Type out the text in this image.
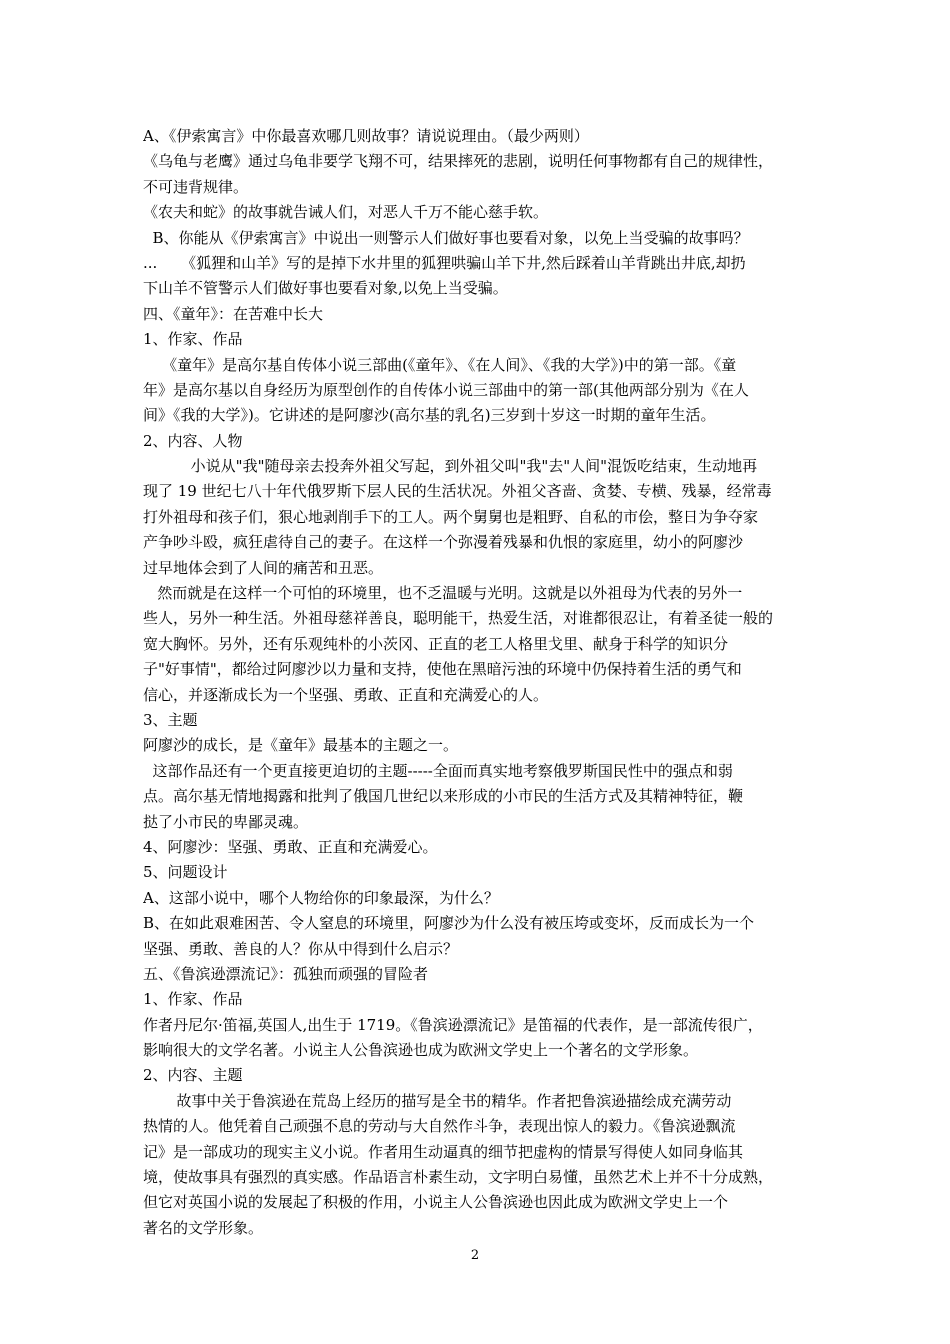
A、《伊索寓言》中你最喜欢哪几则故事？请说说理由。（最少两则）
《乌龟与老鹰》通过乌龟非要学飞翔不可，结果摔死的悲剧，说明任何事物都有自己的规律性，
不可违背规律。
《农夫和蛇》的故事就告诫人们，对恶人千万不能心慈手软。
B、你能从《伊索寓言》中说出一则警示人们做好事也要看对象，以免上当受骗的故事吗？
...     《狐狸和山羊》写的是掉下水井里的狐狸哄骗山羊下井,然后踩着山羊背跳出井底,却扔
下山羊不管警示人们做好事也要看对象,以免上当受骗。
四、《童年》：在苦难中长大
1、作家、作品
《童年》是高尔基自传体小说三部曲(《童年》、《在人间》、《我的大学》)中的第一部。《童
年》是高尔基以自身经历为原型创作的自传体小说三部曲中的第一部(其他两部分别为《在人
间》《我的大学》)。它讲述的是阿廖沙(高尔基的乳名)三岁到十岁这一时期的童年生活。
2、内容、人物
小说从"我"随母亲去投奔外祖父写起，到外祖父叫"我"去"人间"混饭吃结束，生动地再
现了 19 世纪七八十年代俄罗斯下层人民的生活状况。外祖父吝啬、贪婪、专横、残暴，经常毒
打外祖母和孩子们，狠心地剥削手下的工人。两个舅舅也是粗野、自私的市侩，整日为争夺家
产争吵斗殴，疯狂虐待自己的妻子。在这样一个弥漫着残暴和仇恨的家庭里，幼小的阿廖沙
过早地体会到了人间的痛苦和丑恶。
然而就是在这样一个可怕的环境里，也不乏温暖与光明。这就是以外祖母为代表的另外一
些人，另外一种生活。外祖母慈祥善良，聪明能干，热爱生活，对谁都很忍让，有着圣徒一般的
宽大胸怀。另外，还有乐观纯朴的小茨冈、正直的老工人格里戈里、献身于科学的知识分
子"好事情"，都给过阿廖沙以力量和支持，使他在黑暗污浊的环境中仍保持着生活的勇气和
信心，并逐渐成长为一个坚强、勇敢、正直和充满爱心的人。
3、主题
阿廖沙的成长，是《童年》最基本的主题之一。
这部作品还有一个更直接更迫切的主题-----全面而真实地考察俄罗斯国民性中的强点和弱
点。高尔基无情地揭露和批判了俄国几世纪以来形成的小市民的生活方式及其精神特征，鞭
挞了小市民的卑鄙灵魂。
4、阿廖沙：坚强、勇敢、正直和充满爱心。
5、问题设计
A、这部小说中，哪个人物给你的印象最深，为什么？
B、在如此艰难困苦、令人窒息的环境里，阿廖沙为什么没有被压垮或变坏，反而成长为一个
坚强、勇敢、善良的人？你从中得到什么启示？
五、《鲁滨逊漂流记》：孤独而顽强的冒险者
1、作家、作品
作者丹尼尔·笛福,英国人,出生于 1719。《鲁滨逊漂流记》是笛福的代表作，是一部流传很广，
影响很大的文学名著。小说主人公鲁滨逊也成为欧洲文学史上一个著名的文学形象。
2、内容、主题
故事中关于鲁滨逊在荒岛上经历的描写是全书的精华。作者把鲁滨逊描绘成充满劳动
热情的人。他凭着自己顽强不息的劳动与大自然作斗争，表现出惊人的毅力。《鲁滨逊飘流
记》是一部成功的现实主义小说。作者用生动逼真的细节把虚构的情景写得使人如同身临其
境，使故事具有强烈的真实感。作品语言朴素生动，文字明白易懂，虽然艺术上并不十分成熟，
但它对英国小说的发展起了积极的作用，小说主人公鲁滨逊也因此成为欧洲文学史上一个
著名的文学形象。
2
